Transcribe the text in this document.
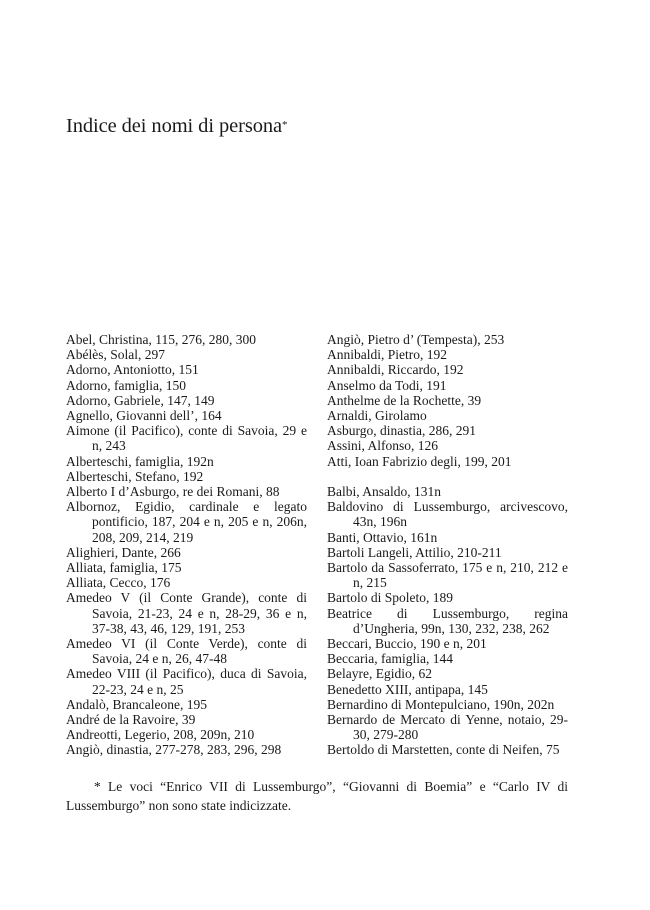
Indice dei nomi di persona*
Abel, Christina, 115, 276, 280, 300
Abélès, Solal, 297
Adorno, Antoniotto, 151
Adorno, famiglia, 150
Adorno, Gabriele, 147, 149
Agnello, Giovanni dell’, 164
Aimone (il Pacifico), conte di Savoia, 29 e n, 243
Alberteschi, famiglia, 192n
Alberteschi, Stefano, 192
Alberto I d’Asburgo, re dei Romani, 88
Albornoz, Egidio, cardinale e legato pontificio, 187, 204 e n, 205 e n, 206n, 208, 209, 214, 219
Alighieri, Dante, 266
Alliata, famiglia, 175
Alliata, Cecco, 176
Amedeo V (il Conte Grande), conte di Savoia, 21-23, 24 e n, 28-29, 36 e n, 37-38, 43, 46, 129, 191, 253
Amedeo VI (il Conte Verde), conte di Savoia, 24 e n, 26, 47-48
Amedeo VIII (il Pacifico), duca di Savoia, 22-23, 24 e n, 25
Andalò, Brancaleone, 195
André de la Ravoire, 39
Andreotti, Legerio, 208, 209n, 210
Angiò, dinastia, 277-278, 283, 296, 298
Angiò, Pietro d’ (Tempesta), 253
Annibaldi, Pietro, 192
Annibaldi, Riccardo, 192
Anselmo da Todi, 191
Anthelme de la Rochette, 39
Arnaldi, Girolamo
Asburgo, dinastia, 286, 291
Assini, Alfonso, 126
Atti, Ioan Fabrizio degli, 199, 201
Balbi, Ansaldo, 131n
Baldovino di Lussemburgo, arcivescovo, 43n, 196n
Banti, Ottavio, 161n
Bartoli Langeli, Attilio, 210-211
Bartolo da Sassoferrato, 175 e n, 210, 212 e n, 215
Bartolo di Spoleto, 189
Beatrice di Lussemburgo, regina d’Ungheria, 99n, 130, 232, 238, 262
Beccari, Buccio, 190 e n, 201
Beccaria, famiglia, 144
Belayre, Egidio, 62
Benedetto XIII, antipapa, 145
Bernardino di Montepulciano, 190n, 202n
Bernardo de Mercato di Yenne, notaio, 29-30, 279-280
Bertoldo di Marstetten, conte di Neifen, 75
* Le voci “Enrico VII di Lussemburgo”, “Giovanni di Boemia” e “Carlo IV di Lussemburgo” non sono state indicizzate.
